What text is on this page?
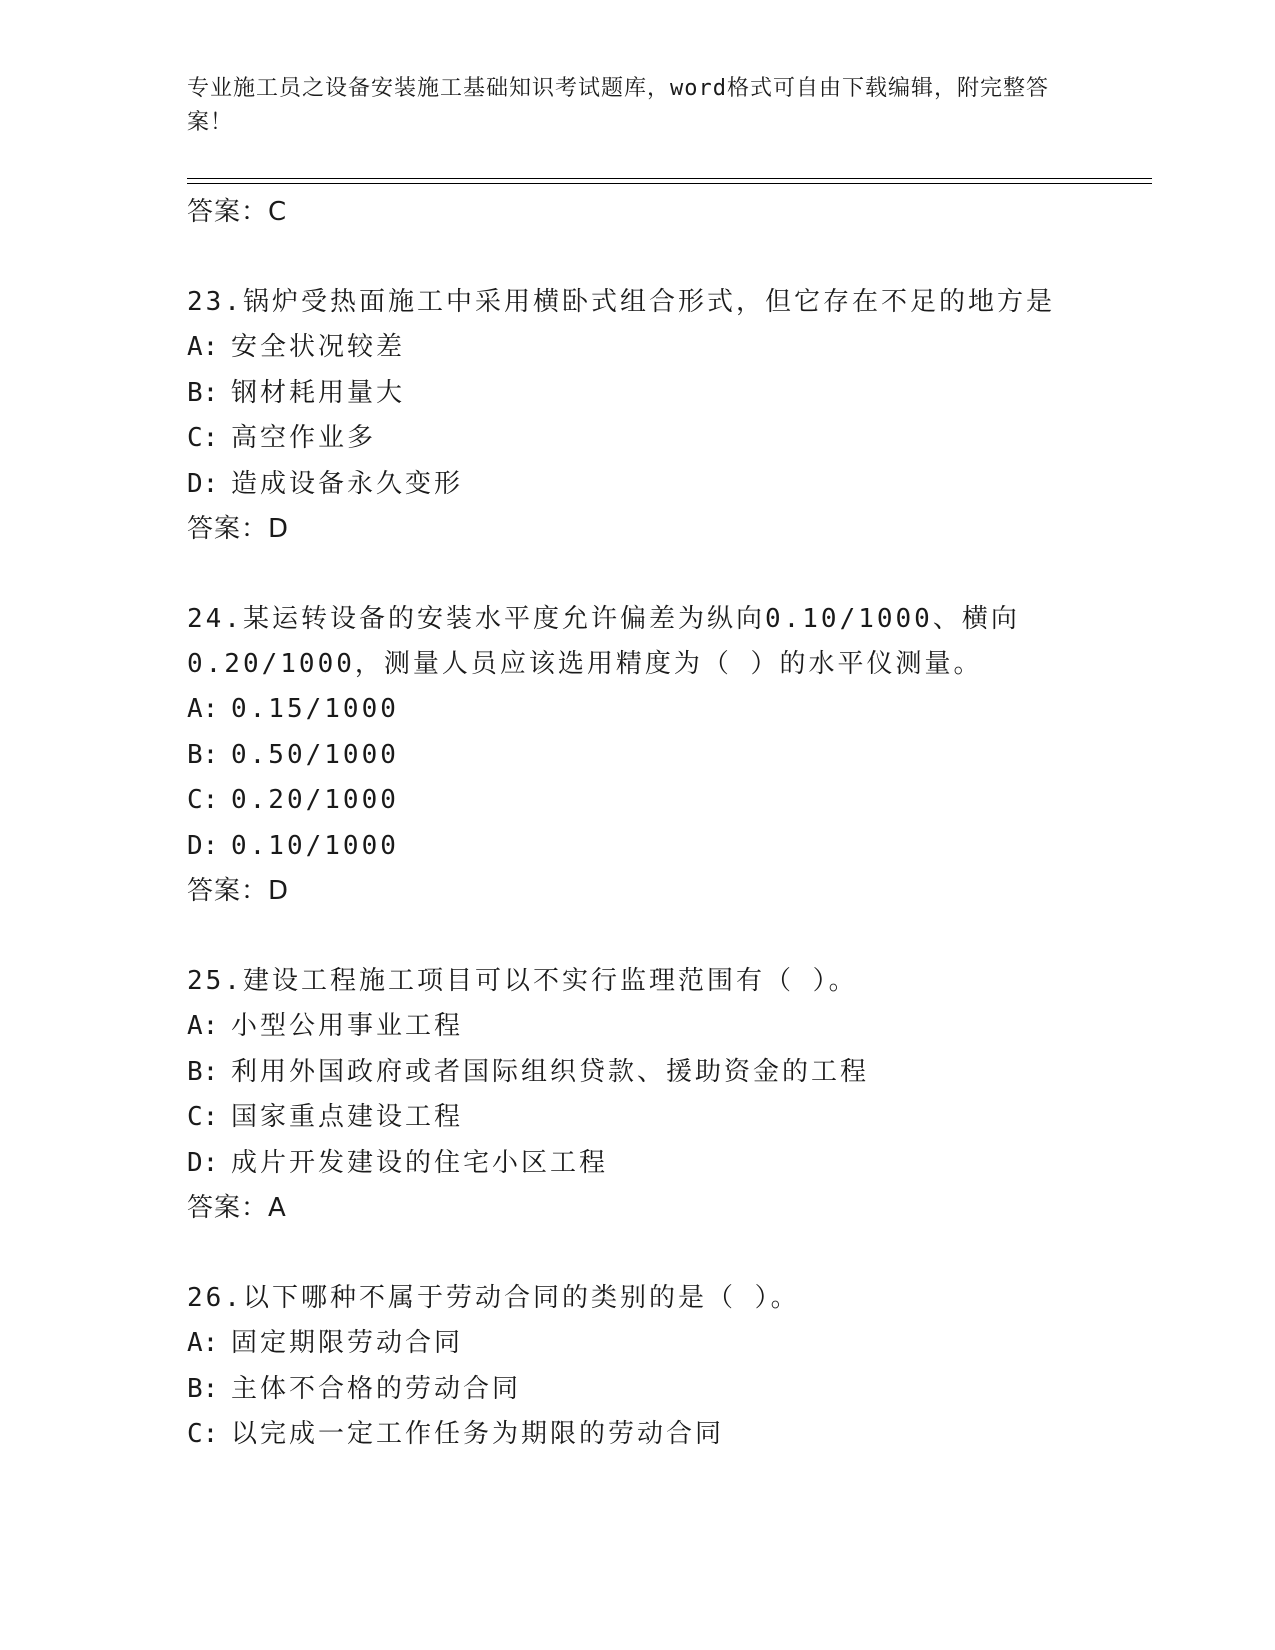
专业施工员之设备安装施工基础知识考试题库，word格式可自由下载编辑，附完整答案！
答案：C
23.锅炉受热面施工中采用横卧式组合形式，但它存在不足的地方是
A: 安全状况较差
B: 钢材耗用量大
C: 高空作业多
D: 造成设备永久变形
答案：D
24.某运转设备的安装水平度允许偏差为纵向0.10/1000、横向
0.20/1000，测量人员应该选用精度为（ ）的水平仪测量。
A: 0.15/1000
B: 0.50/1000
C: 0.20/1000
D: 0.10/1000
答案：D
25.建设工程施工项目可以不实行监理范围有（ ）。
A: 小型公用事业工程
B: 利用外国政府或者国际组织贷款、援助资金的工程
C: 国家重点建设工程
D: 成片开发建设的住宅小区工程
答案：A
26.以下哪种不属于劳动合同的类别的是（ ）。
A: 固定期限劳动合同
B: 主体不合格的劳动合同
C: 以完成一定工作任务为期限的劳动合同
